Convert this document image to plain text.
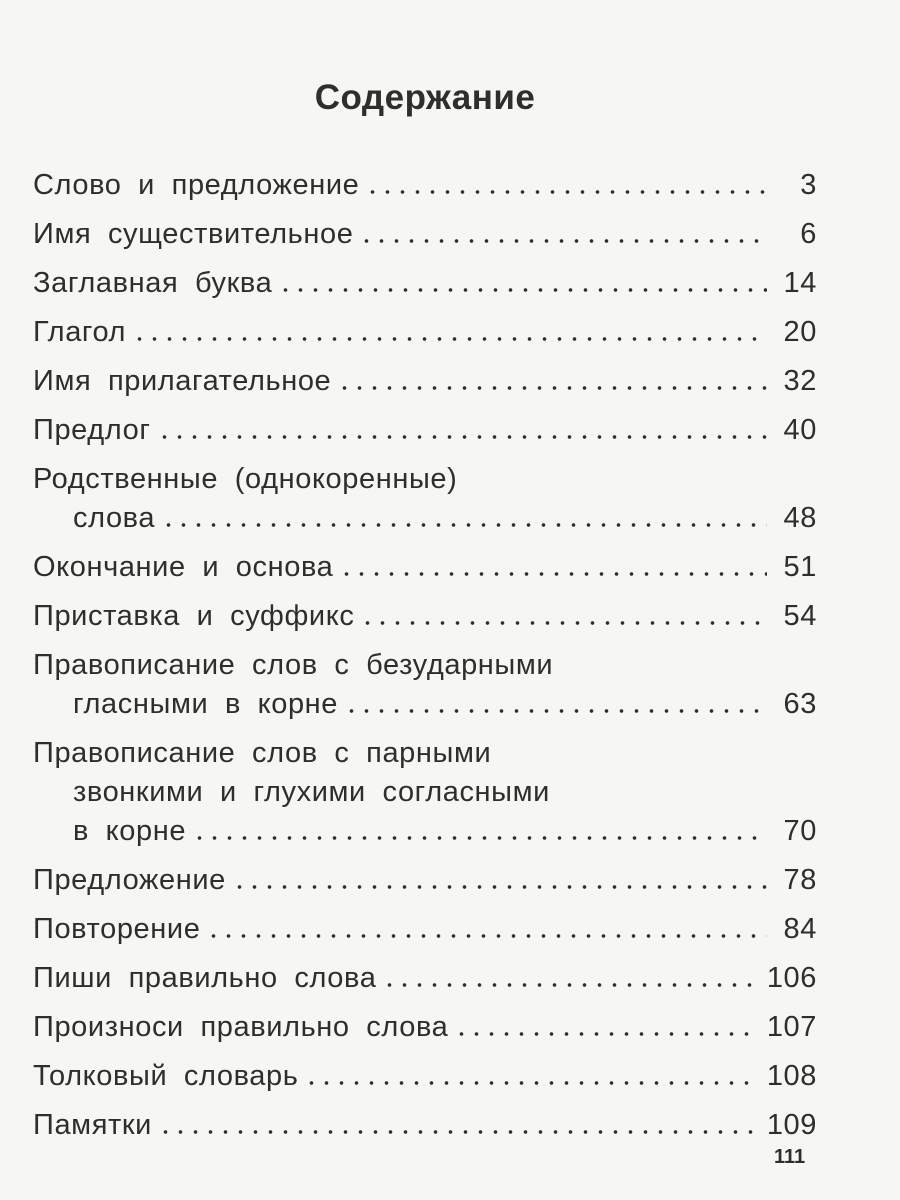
Содержание
Слово и предложение	3
Имя существительное	6
Заглавная буква	14
Глагол	20
Имя прилагательное	32
Предлог	40
Родственные (однокоренные)
слова	48
Окончание и основа	51
Приставка и суффикс	54
Правописание слов с безударными
гласными в корне	63
Правописание слов с парными
звонкими и глухими согласными
в корне	70
Предложение	78
Повторение	84
Пиши правильно слова	106
Произноси правильно слова	107
Толковый словарь	108
Памятки	109
111
